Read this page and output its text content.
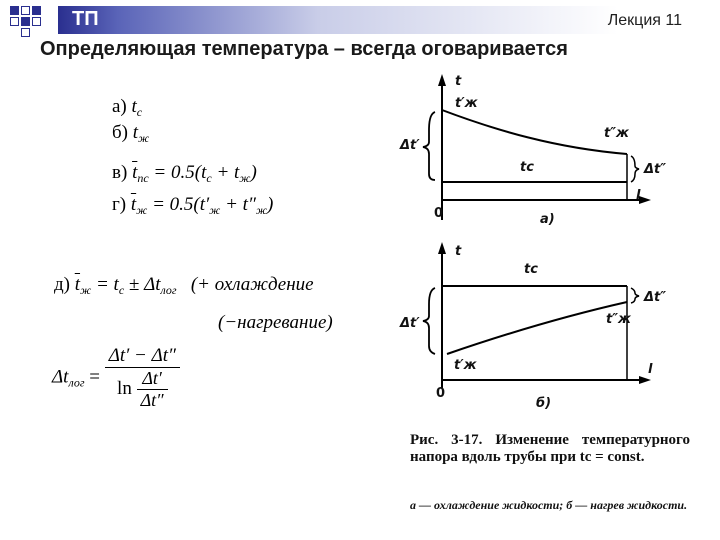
ТП	Лекция 11
Определяющая температура – всегда оговаривается
а) $t_c$
б) $t_ж$
в) $\overline{t}_{пс} = 0.5(t_c + t_ж)$
г) $\overline{t}_ж = 0.5(t'_ж + t''_ж)$
д) $\overline{t}_ж = t_c \pm \Delta t_{лог}$ (+ охлаждение
(−нагревание)
$\Delta t_{лог} = \frac{\Delta t' - \Delta t''}{\ln \frac{\Delta t'}{\Delta t''}}$
t
t′ж
t″ж
Δt′
Δt″
tс
0
l
а)
t
tс
Δt′
Δt″
t″ж
t′ж
0
l
б)
Рис. 3-17. Изменение температурного напора вдоль трубы при tс = const.
а — охлаждение жидкости; б — нагрев жидкости.
